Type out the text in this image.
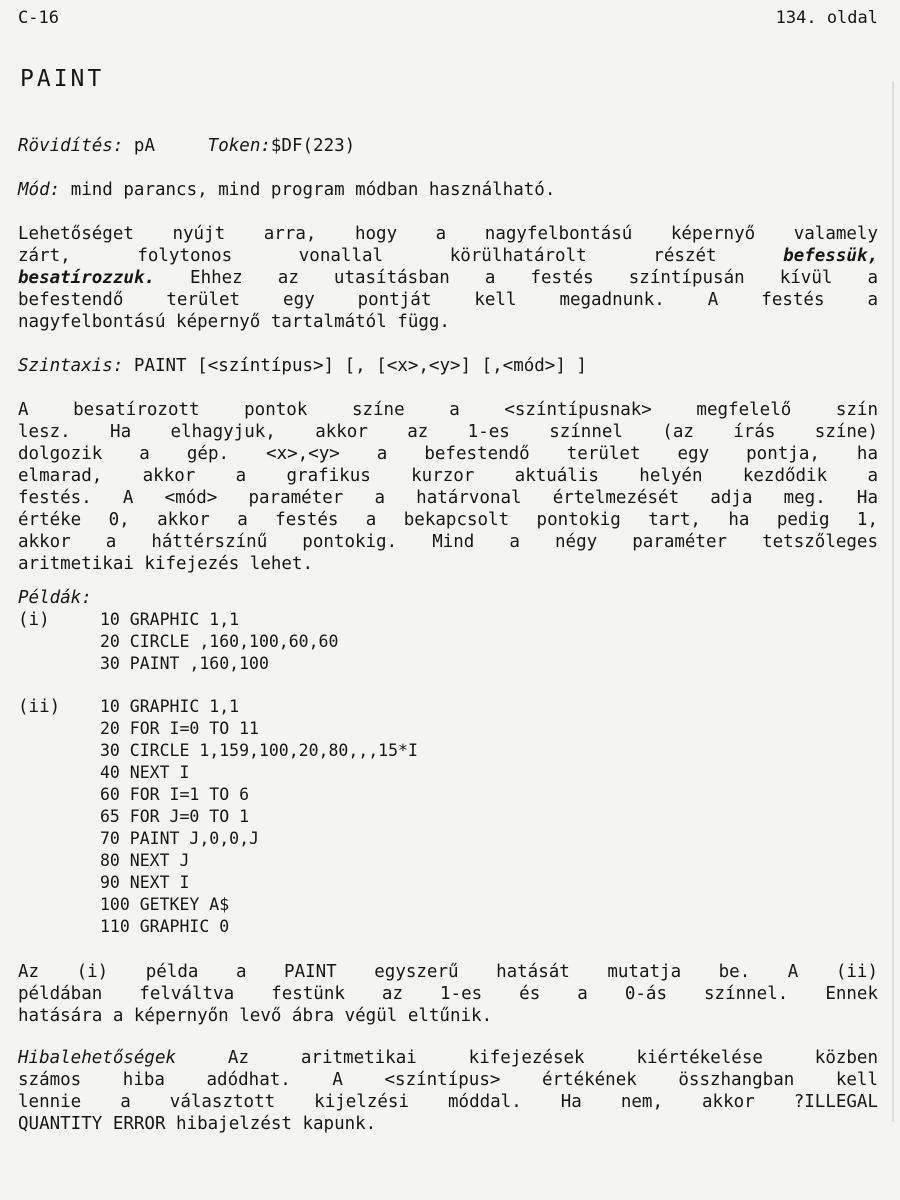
C-16	134. oldal
PAINT
Rövidítés: pA	Token:$DF(223)
Mód: mind parancs, mind program módban használható.
Lehetőséget nyújt arra, hogy a nagyfelbontású képernyő valamely
zárt, folytonos vonallal körülhatárolt részét	befessük,
besatírozzuk. Ehhez az utasításban a festés színtípusán kívül a
befestendő terület egy pontját kell megadnunk. A festés a
nagyfelbontású képernyő tartalmától függ.
Szintaxis: PAINT [<színtípus>] [, [<x>,<y>] [,<mód>] ]
A besatírozott pontok színe a <színtípusnak> megfelelő szín
lesz. Ha elhagyjuk, akkor az 1-es színnel (az írás színe)
dolgozik a gép. <x>,<y> a befestendő terület egy pontja, ha
elmarad, akkor a grafikus kurzor aktuális helyén kezdődik a
festés. A <mód> paraméter a határvonal értelmezését adja meg. Ha
értéke 0, akkor a festés a bekapcsolt pontokig tart, ha pedig 1,
akkor a háttérszínű pontokig. Mind a négy paraméter tetszőleges
aritmetikai kifejezés lehet.
Példák:
(i)	10 GRAPHIC 1,1
20 CIRCLE ,160,100,60,60
30 PAINT ,160,100
(ii) 10 GRAPHIC 1,1
20 FOR I=0 TO 11
30 CIRCLE 1,159,100,20,80,,,15*I
40 NEXT I
60 FOR I=1 TO 6
65 FOR J=0 TO 1
70 PAINT J,0,0,J
80 NEXT J
90 NEXT I
100 GETKEY A$
110 GRAPHIC 0
Az (i) példa a PAINT egyszerű hatását mutatja be. A (ii)
példában felváltva festünk az 1-es és a 0-ás színnel. Ennek
hatására a képernyőn levő ábra végül eltűnik.
Hibalehetőségek Az aritmetikai kifejezések kiértékelése közben
számos hiba adódhat. A <színtípus> értékének összhangban kell
lennie a választott kijelzési móddal. Ha nem, akkor ?ILLEGAL
QUANTITY ERROR hibajelzést kapunk.
